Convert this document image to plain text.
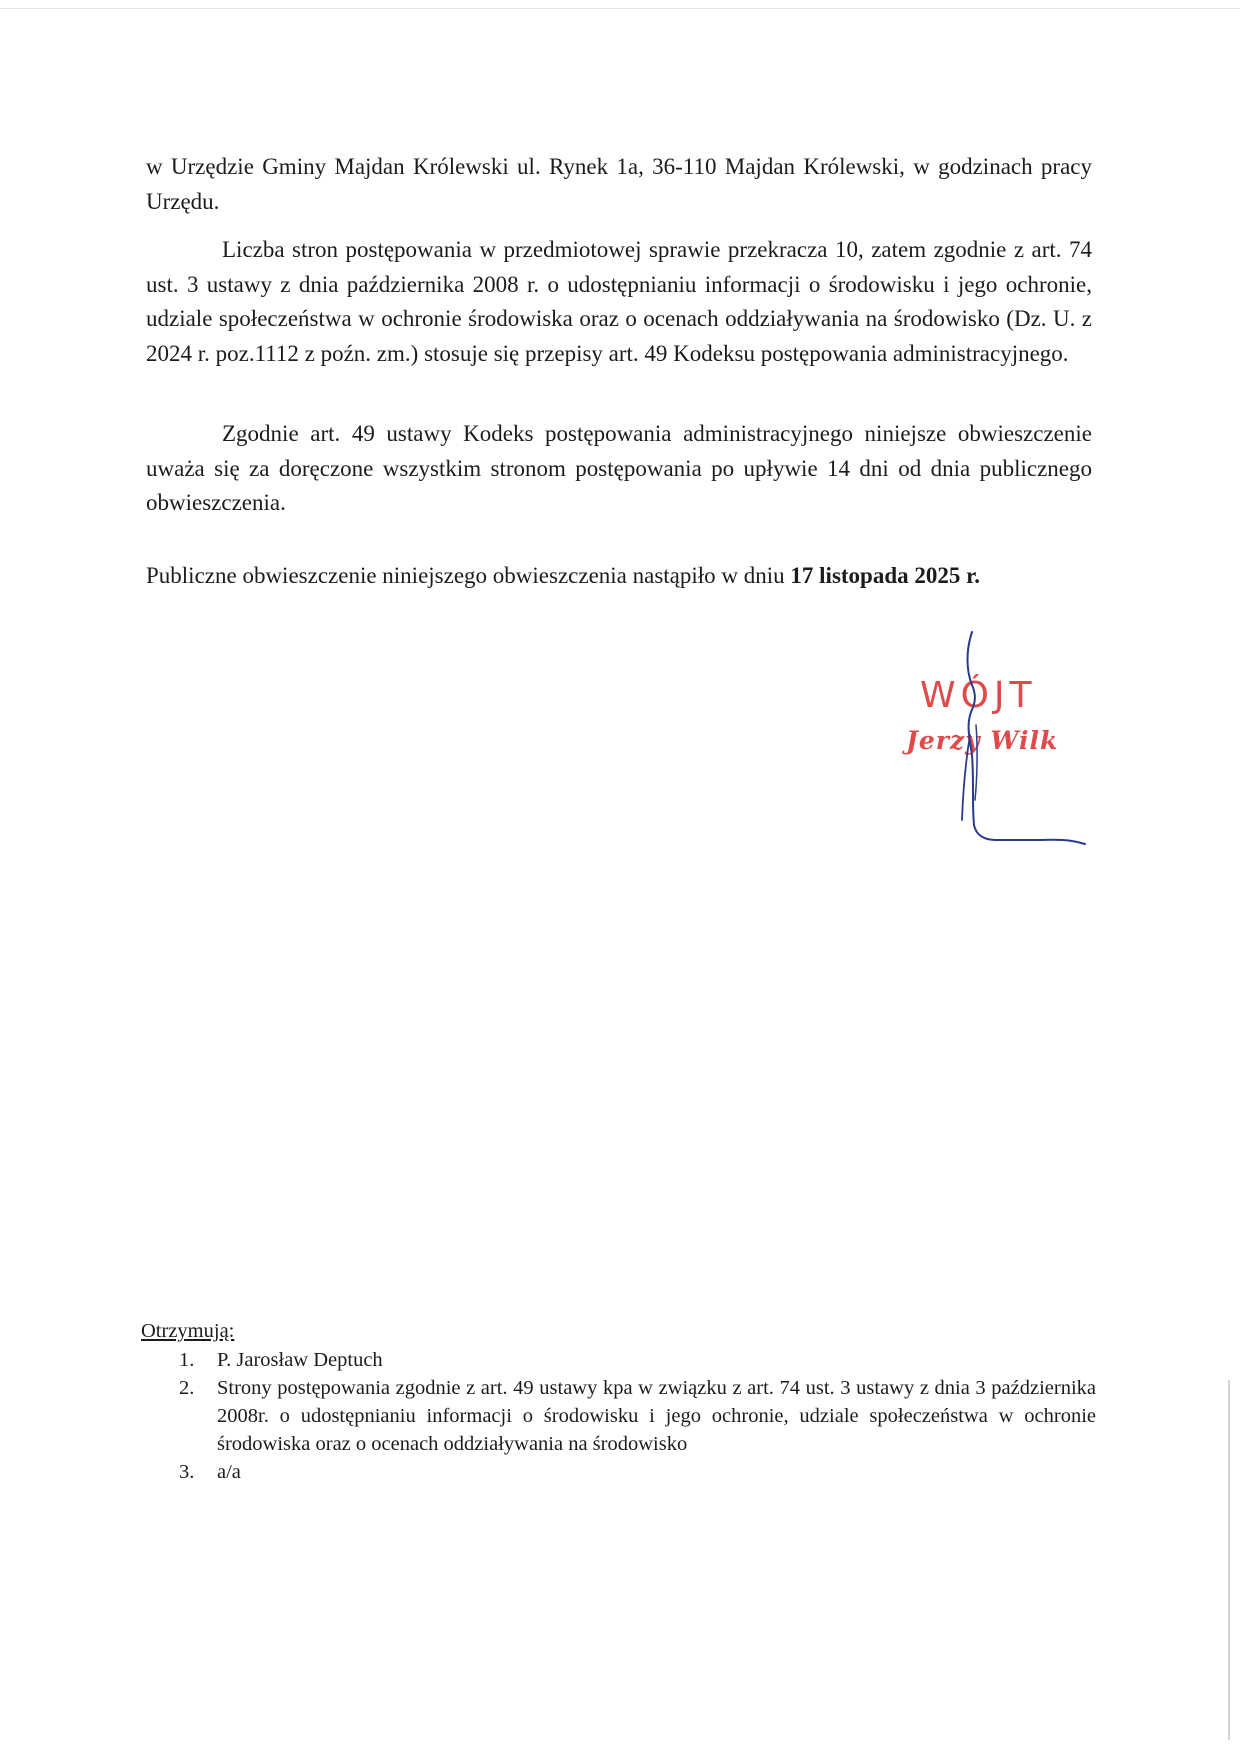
w Urzędzie Gminy Majdan Królewski ul. Rynek 1a, 36-110 Majdan Królewski, w godzinach pracy Urzędu.

Liczba stron postępowania w przedmiotowej sprawie przekracza 10, zatem zgodnie z art. 74 ust. 3 ustawy z dnia października 2008 r. o udostępnianiu informacji o środowisku i jego ochronie, udziale społeczeństwa w ochronie środowiska oraz o ocenach oddziaływania na środowisko (Dz. U. z 2024 r. poz.1112 z poźn. zm.) stosuje się przepisy art. 49 Kodeksu postępowania administracyjnego.

Zgodnie art. 49 ustawy Kodeks postępowania administracyjnego niniejsze obwieszczenie uważa się za doręczone wszystkim stronom postępowania po upływie 14 dni od dnia publicznego obwieszczenia.

Publiczne obwieszczenie niniejszego obwieszczenia nastąpiło w dniu 17 listopada 2025 r.

WÓJT
Jerzy Wilk
Otrzymują:
1. P. Jarosław Deptuch
2. Strony postępowania zgodnie z art. 49 ustawy kpa w związku z art. 74 ust. 3 ustawy z dnia 3 października 2008r. o udostępnianiu informacji o środowisku i jego ochronie, udziale społeczeństwa w ochronie środowiska oraz o ocenach oddziaływania na środowisko
3. a/a
